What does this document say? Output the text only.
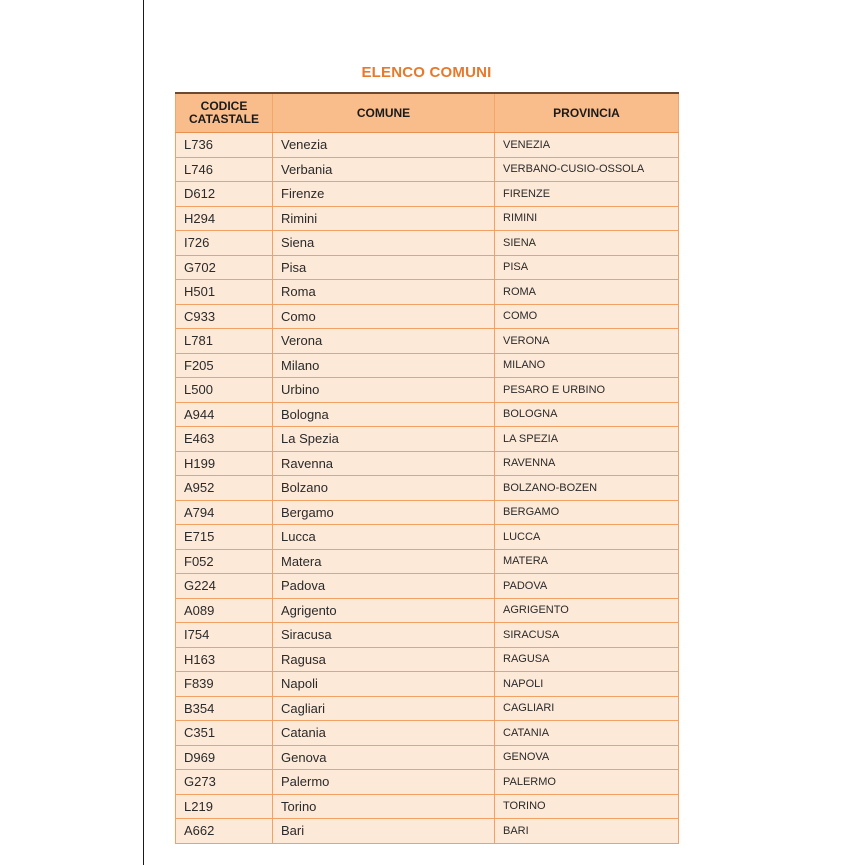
ELENCO COMUNI
CODICE
CATASTALE	COMUNE	PROVINCIA
L736	Venezia	VENEZIA
L746	Verbania	VERBANO-CUSIO-OSSOLA
D612	Firenze	FIRENZE
H294	Rimini	RIMINI
I726	Siena	SIENA
G702	Pisa	PISA
H501	Roma	ROMA
C933	Como	COMO
L781	Verona	VERONA
F205	Milano	MILANO
L500	Urbino	PESARO E URBINO
A944	Bologna	BOLOGNA
E463	La Spezia	LA SPEZIA
H199	Ravenna	RAVENNA
A952	Bolzano	BOLZANO-BOZEN
A794	Bergamo	BERGAMO
E715	Lucca	LUCCA
F052	Matera	MATERA
G224	Padova	PADOVA
A089	Agrigento	AGRIGENTO
I754	Siracusa	SIRACUSA
H163	Ragusa	RAGUSA
F839	Napoli	NAPOLI
B354	Cagliari	CAGLIARI
C351	Catania	CATANIA
D969	Genova	GENOVA
G273	Palermo	PALERMO
L219	Torino	TORINO
A662	Bari	BARI
